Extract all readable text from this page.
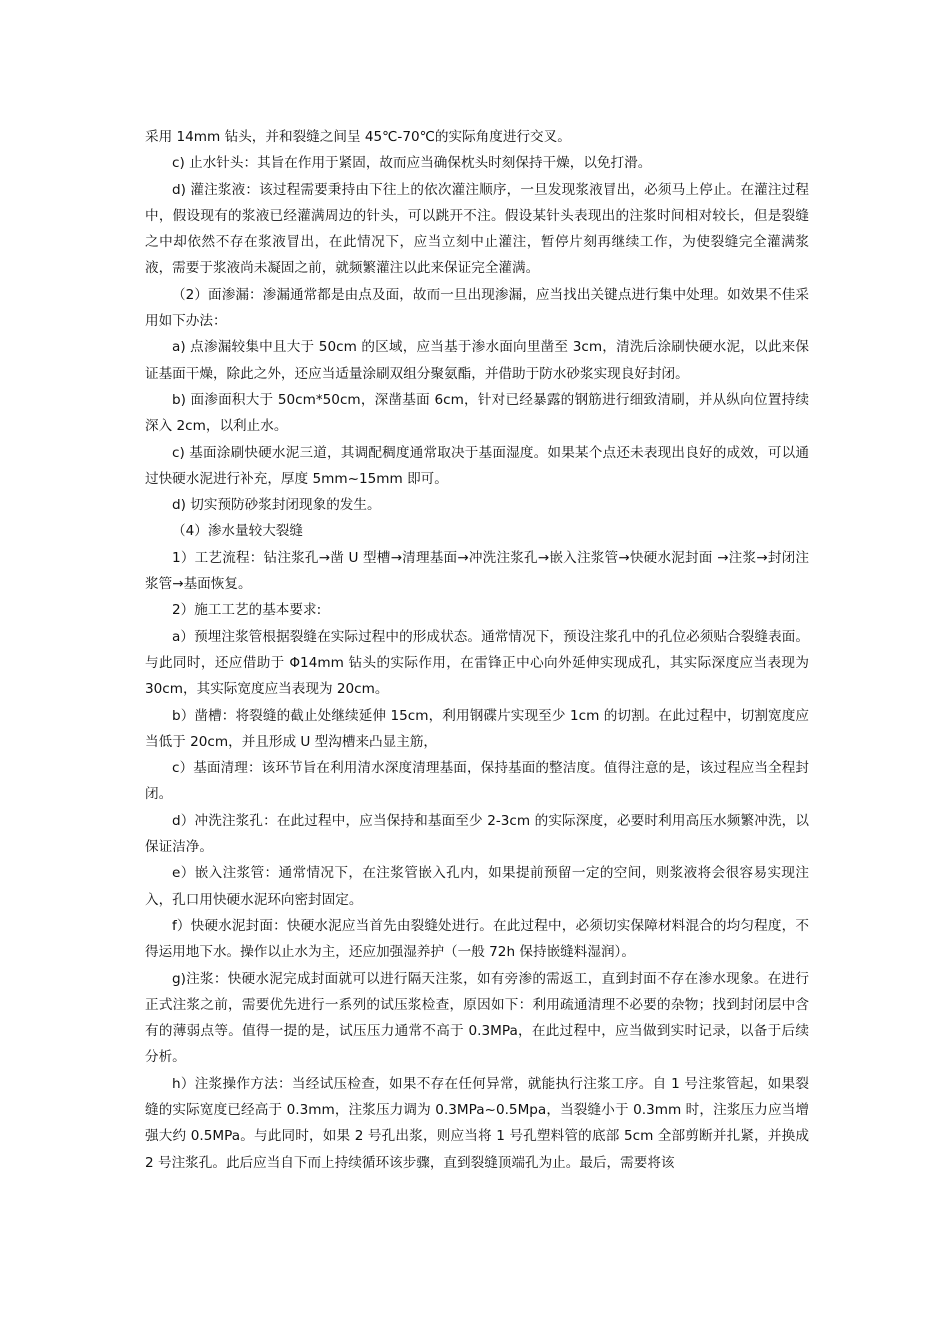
采用 14mm 钻头，并和裂缝之间呈 45℃-70℃的实际角度进行交叉。

c) 止水针头：其旨在作用于紧固，故而应当确保枕头时刻保持干燥，以免打滑。

d) 灌注浆液：该过程需要秉持由下往上的依次灌注顺序，一旦发现浆液冒出，必须马上停止。在灌注过程中，假设现有的浆液已经灌满周边的针头，可以跳开不注。假设某针头表现出的注浆时间相对较长，但是裂缝之中却依然不存在浆液冒出，在此情况下，应当立刻中止灌注，暂停片刻再继续工作，为使裂缝完全灌满浆液，需要于浆液尚未凝固之前，就频繁灌注以此来保证完全灌满。

（2）面渗漏：渗漏通常都是由点及面，故而一旦出现渗漏，应当找出关键点进行集中处理。如效果不佳采用如下办法：

a) 点渗漏较集中且大于 50cm 的区域，应当基于渗水面向里凿至 3cm，清洗后涂刷快硬水泥，以此来保证基面干燥，除此之外，还应当适量涂刷双组分聚氨酯，并借助于防水砂浆实现良好封闭。

b) 面渗面积大于 50cm*50cm，深凿基面 6cm，针对已经暴露的钢筋进行细致清刷，并从纵向位置持续深入 2cm，以利止水。

c) 基面涂刷快硬水泥三道，其调配稠度通常取决于基面湿度。如果某个点还未表现出良好的成效，可以通过快硬水泥进行补充，厚度 5mm~15mm 即可。

d) 切实预防砂浆封闭现象的发生。

（4）渗水量较大裂缝

1）工艺流程：钻注浆孔→凿 U 型槽→清理基面→冲洗注浆孔→嵌入注浆管→快硬水泥封面 →注浆→封闭注浆管→基面恢复。

2）施工工艺的基本要求:

a）预埋注浆管根据裂缝在实际过程中的形成状态。通常情况下，预设注浆孔中的孔位必须贴合裂缝表面。与此同时，还应借助于 Φ14mm 钻头的实际作用，在雷锋正中心向外延伸实现成孔，其实际深度应当表现为 30cm，其实际宽度应当表现为 20cm。

b）凿槽：将裂缝的截止处继续延伸 15cm，利用钢碟片实现至少 1cm 的切割。在此过程中，切割宽度应当低于 20cm，并且形成 U 型沟槽来凸显主筋，

c）基面清理：该环节旨在利用清水深度清理基面，保持基面的整洁度。值得注意的是，该过程应当全程封闭。

d）冲洗注浆孔：在此过程中，应当保持和基面至少 2-3cm 的实际深度，必要时利用高压水频繁冲洗，以保证洁净。

e）嵌入注浆管：通常情况下，在注浆管嵌入孔内，如果提前预留一定的空间，则浆液将会很容易实现注入，孔口用快硬水泥环向密封固定。

f）快硬水泥封面：快硬水泥应当首先由裂缝处进行。在此过程中，必须切实保障材料混合的均匀程度，不得运用地下水。操作以止水为主，还应加强湿养护（一般 72h 保持嵌缝料湿润）。

g)注浆：快硬水泥完成封面就可以进行隔天注浆，如有旁渗的需返工，直到封面不存在渗水现象。在进行正式注浆之前，需要优先进行一系列的试压浆检查，原因如下：利用疏通清理不必要的杂物；找到封闭层中含有的薄弱点等。值得一提的是，试压压力通常不高于 0.3MPa，在此过程中，应当做到实时记录，以备于后续分析。

h）注浆操作方法：当经试压检查，如果不存在任何异常，就能执行注浆工序。自 1 号注浆管起，如果裂缝的实际宽度已经高于 0.3mm，注浆压力调为 0.3MPa~0.5Mpa，当裂缝小于 0.3mm 时，注浆压力应当增强大约 0.5MPa。与此同时，如果 2 号孔出浆，则应当将 1 号孔塑料管的底部 5cm 全部剪断并扎紧，并换成 2 号注浆孔。此后应当自下而上持续循环该步骤，直到裂缝顶端孔为止。最后，需要将该
